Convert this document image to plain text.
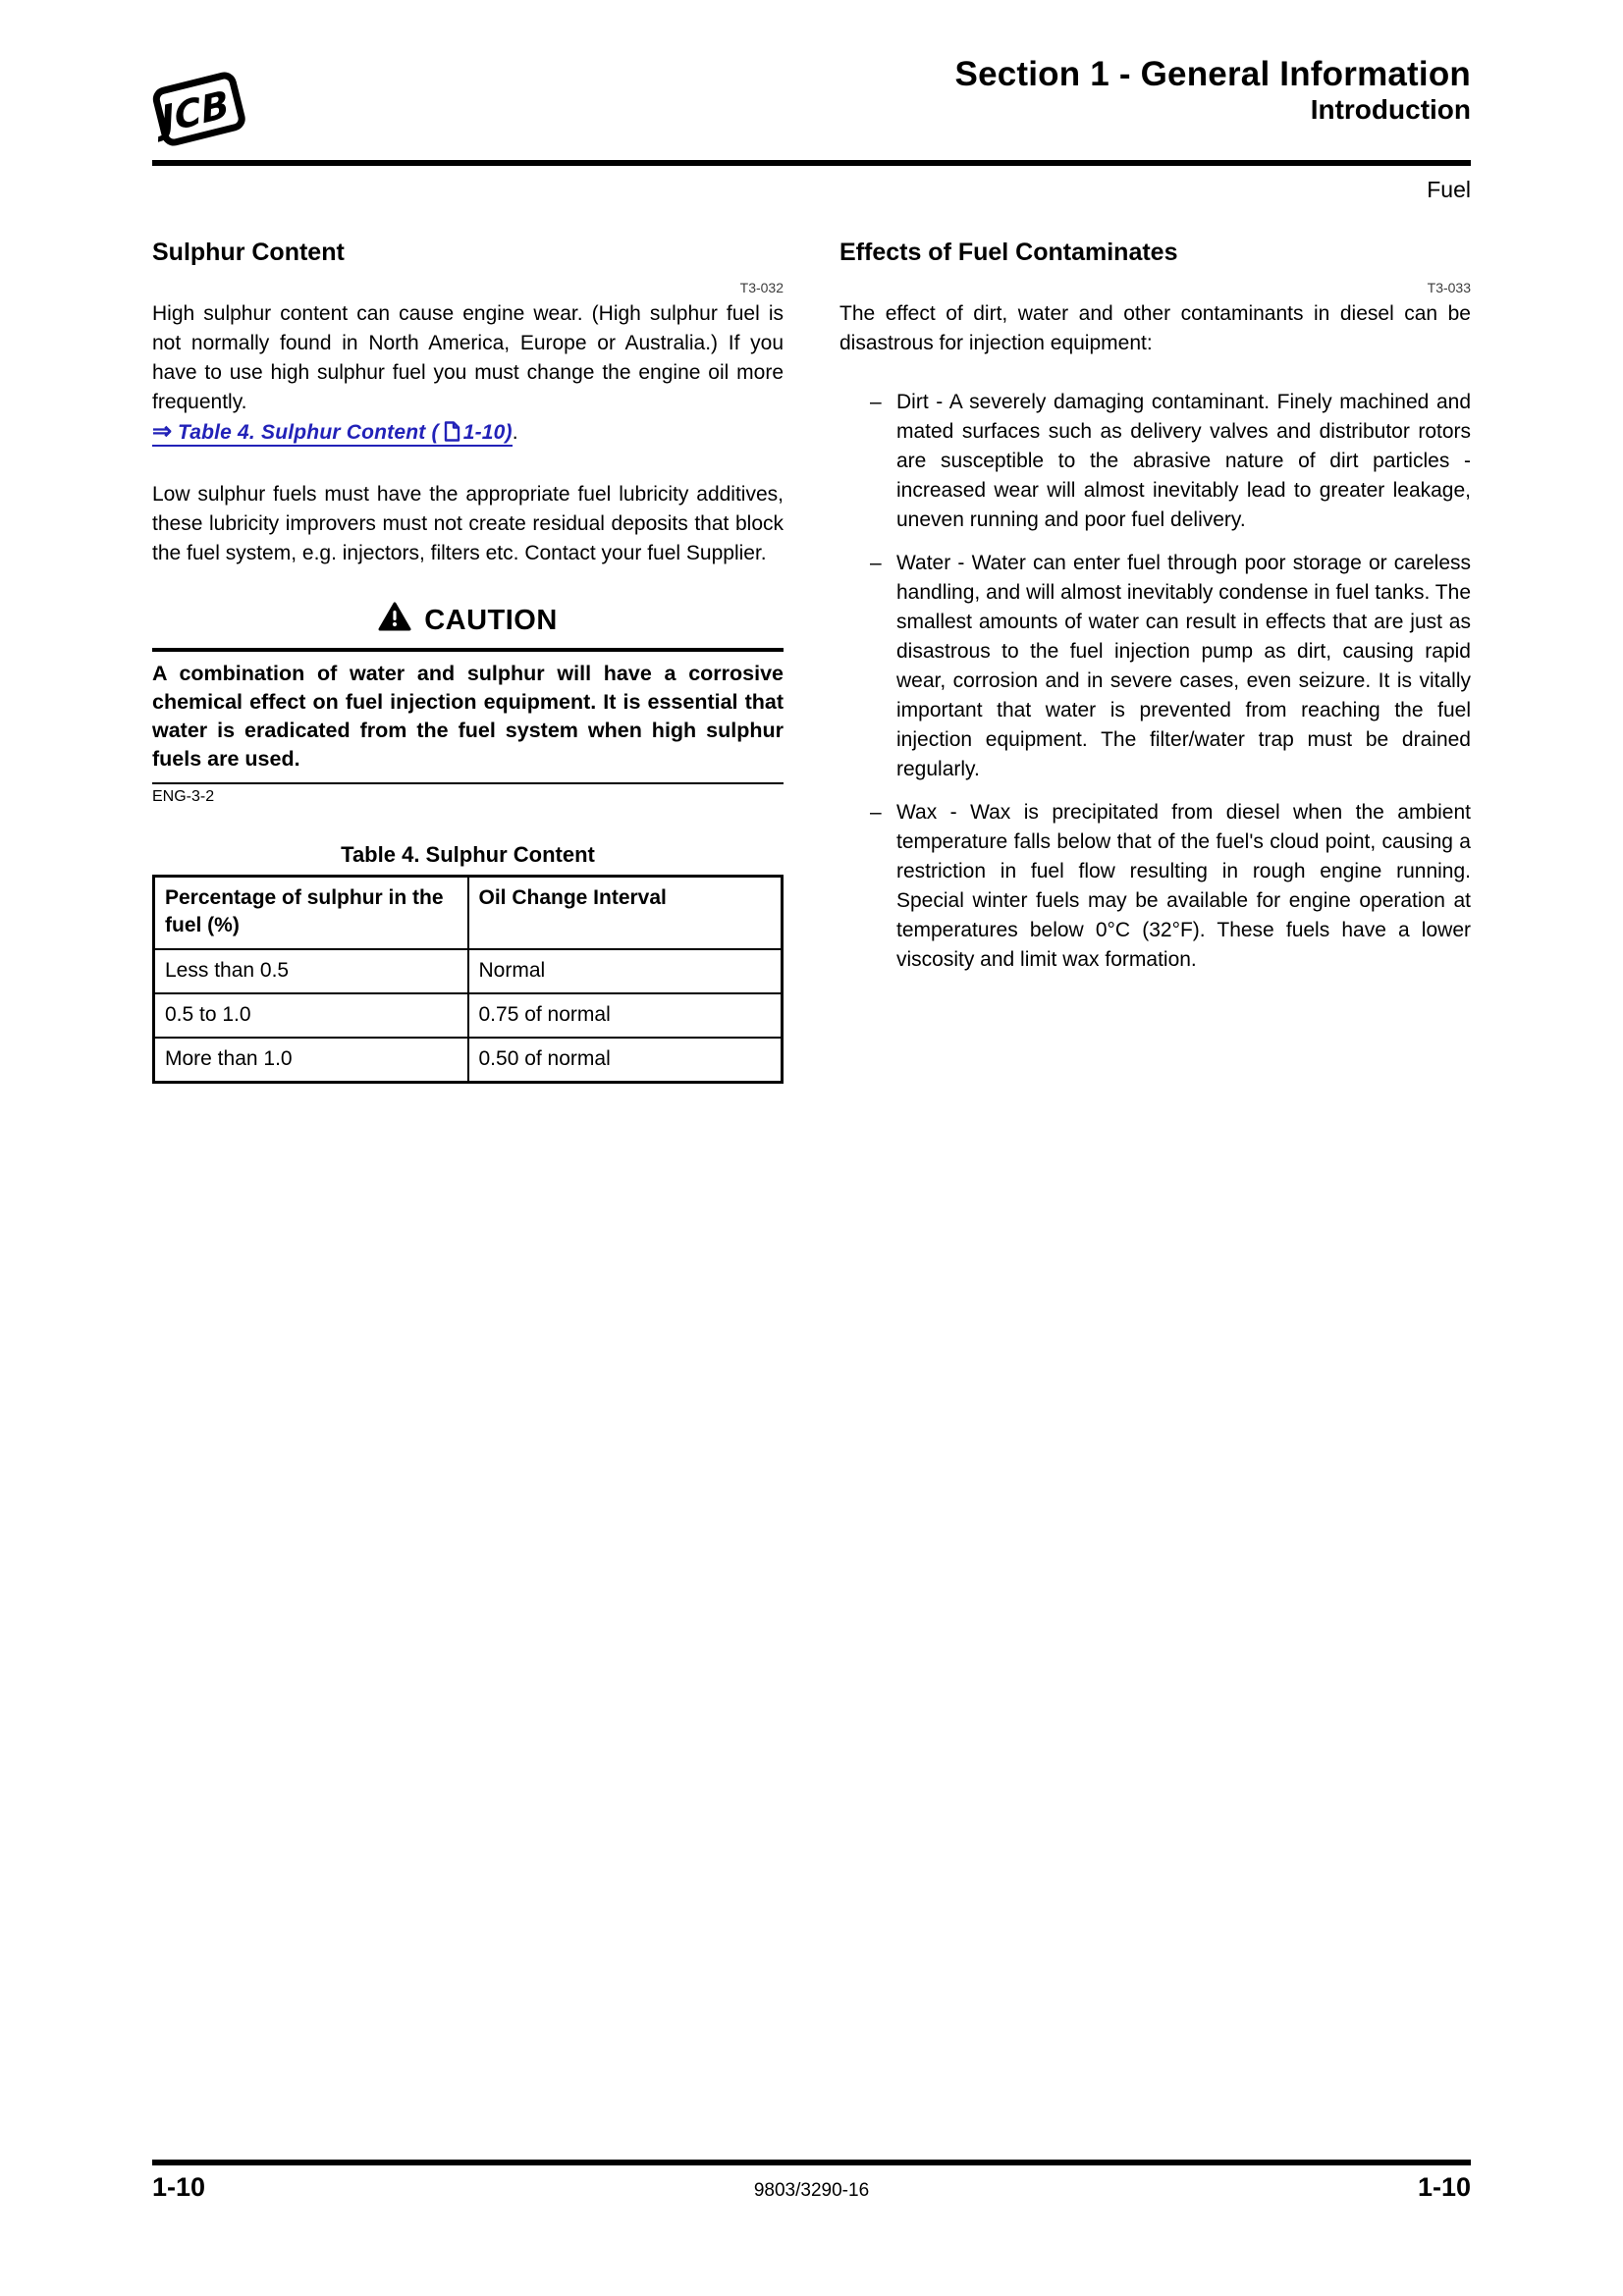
JCB
Section 1 - General Information
Introduction
Fuel
Sulphur Content
T3-032

High sulphur content can cause engine wear. (High sulphur fuel is not normally found in North America, Europe or Australia.) If you have to use high sulphur fuel you must change the engine oil more frequently.

⇒ Table 4. Sulphur Content ( 1-10).

Low sulphur fuels must have the appropriate fuel lubricity additives, these lubricity improvers must not create residual deposits that block the fuel system, e.g. injectors, filters etc. Contact your fuel Supplier.

CAUTION

A combination of water and sulphur will have a corrosive chemical effect on fuel injection equipment. It is essential that water is eradicated from the fuel system when high sulphur fuels are used.

ENG-3-2
Table 4. Sulphur Content
Percentage of sulphur in the fuel (%)	Oil Change Interval
Less than 0.5	Normal
0.5 to 1.0	0.75 of normal
More than 1.0	0.50 of normal
Effects of Fuel Contaminates
T3-033

The effect of dirt, water and other contaminants in diesel can be disastrous for injection equipment:

– Dirt - A severely damaging contaminant. Finely machined and mated surfaces such as delivery valves and distributor rotors are susceptible to the abrasive nature of dirt particles - increased wear will almost inevitably lead to greater leakage, uneven running and poor fuel delivery.
– Water - Water can enter fuel through poor storage or careless handling, and will almost inevitably condense in fuel tanks. The smallest amounts of water can result in effects that are just as disastrous to the fuel injection pump as dirt, causing rapid wear, corrosion and in severe cases, even seizure. It is vitally important that water is prevented from reaching the fuel injection equipment. The filter/water trap must be drained regularly.
– Wax - Wax is precipitated from diesel when the ambient temperature falls below that of the fuel's cloud point, causing a restriction in fuel flow resulting in rough engine running. Special winter fuels may be available for engine operation at temperatures below 0°C (32°F). These fuels have a lower viscosity and limit wax formation.
1-10	9803/3290-16	1-10
